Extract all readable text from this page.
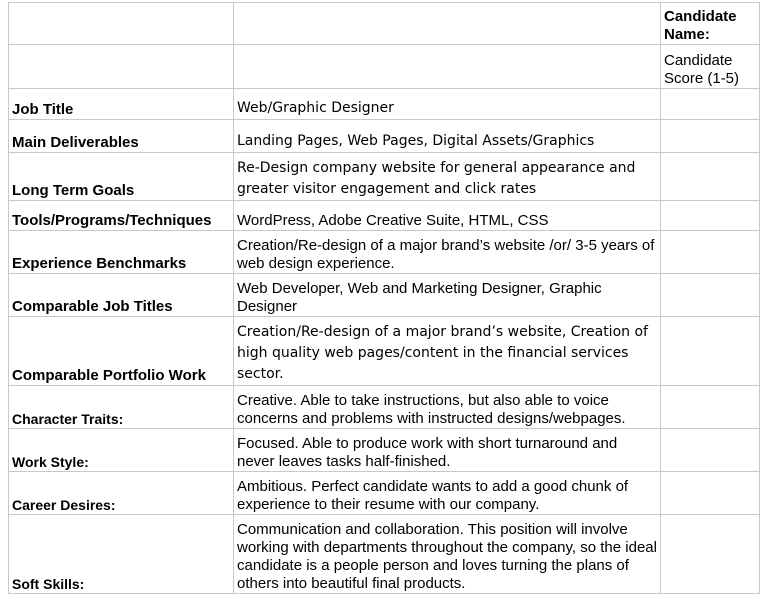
		Candidate Name:
		Candidate Score (1-5)
Job Title	Web/Graphic Designer	
Main Deliverables	Landing Pages, Web Pages, Digital Assets/Graphics	
Long Term Goals	Re-Design company website for general appearance and greater visitor engagement and click rates	
Tools/Programs/Techniques	WordPress, Adobe Creative Suite, HTML, CSS	
Experience Benchmarks	Creation/Re-design of a major brand’s website /or/ 3-5 years of web design experience.	
Comparable Job Titles	Web Developer, Web and Marketing Designer, Graphic Designer	
Comparable Portfolio Work	Creation/Re-design of a major brand’s website, Creation of high quality web pages/content in the financial services sector.	
Character Traits:	Creative. Able to take instructions, but also able to voice concerns and problems with instructed designs/webpages.	
Work Style:	Focused. Able to produce work with short turnaround and never leaves tasks half-finished.	
Career Desires:	Ambitious. Perfect candidate wants to add a good chunk of experience to their resume with our company.	
Soft Skills:	Communication and collaboration. This position will involve working with departments throughout the company, so the ideal candidate is a people person and loves turning the plans of others into beautiful final products.	
